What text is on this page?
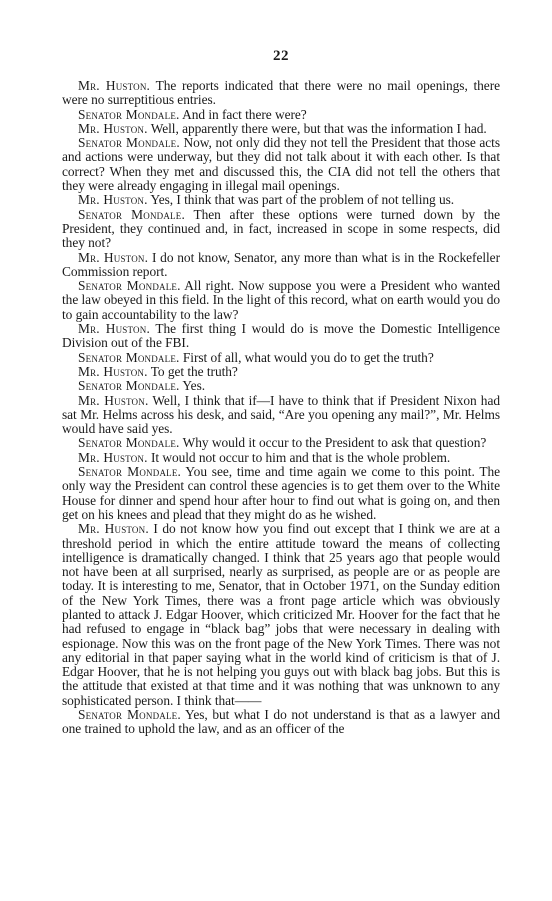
22

Mr. Huston. The reports indicated that there were no mail openings, there were no surreptitious entries.

Senator Mondale. And in fact there were?

Mr. Huston. Well, apparently there were, but that was the information I had.

Senator Mondale. Now, not only did they not tell the President that those acts and actions were underway, but they did not talk about it with each other. Is that correct? When they met and discussed this, the CIA did not tell the others that they were already engaging in illegal mail openings.

Mr. Huston. Yes, I think that was part of the problem of not telling us.

Senator Mondale. Then after these options were turned down by the President, they continued and, in fact, increased in scope in some respects, did they not?

Mr. Huston. I do not know, Senator, any more than what is in the Rockefeller Commission report.

Senator Mondale. All right. Now suppose you were a President who wanted the law obeyed in this field. In the light of this record, what on earth would you do to gain accountability to the law?

Mr. Huston. The first thing I would do is move the Domestic Intelligence Division out of the FBI.

Senator Mondale. First of all, what would you do to get the truth?

Mr. Huston. To get the truth?

Senator Mondale. Yes.

Mr. Huston. Well, I think that if—I have to think that if President Nixon had sat Mr. Helms across his desk, and said, “Are you opening any mail?”, Mr. Helms would have said yes.

Senator Mondale. Why would it occur to the President to ask that question?

Mr. Huston. It would not occur to him and that is the whole problem.

Senator Mondale. You see, time and time again we come to this point. The only way the President can control these agencies is to get them over to the White House for dinner and spend hour after hour to find out what is going on, and then get on his knees and plead that they might do as he wished.

Mr. Huston. I do not know how you find out except that I think we are at a threshold period in which the entire attitude toward the means of collecting intelligence is dramatically changed. I think that 25 years ago that people would not have been at all surprised, nearly as surprised, as people are or as people are today. It is interesting to me, Senator, that in October 1971, on the Sunday edition of the New York Times, there was a front page article which was obviously planted to attack J. Edgar Hoover, which criticized Mr. Hoover for the fact that he had refused to engage in “black bag” jobs that were necessary in dealing with espionage. Now this was on the front page of the New York Times. There was not any editorial in that paper saying what in the world kind of criticism is that of J. Edgar Hoover, that he is not helping you guys out with black bag jobs. But this is the attitude that existed at that time and it was nothing that was unknown to any sophisticated person. I think that——

Senator Mondale. Yes, but what I do not understand is that as a lawyer and one trained to uphold the law, and as an officer of the
